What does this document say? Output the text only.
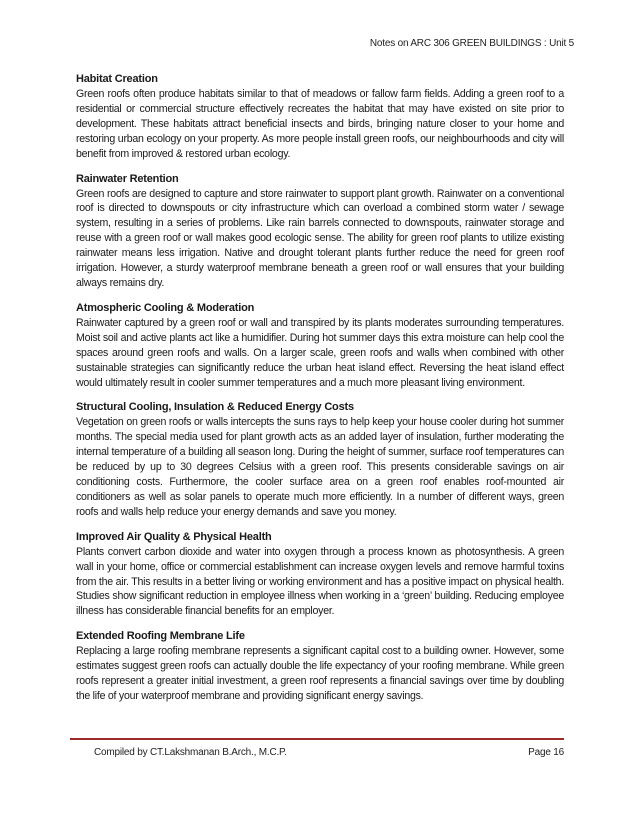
Notes on ARC 306 GREEN BUILDINGS : Unit 5
Habitat Creation

Green roofs often produce habitats similar to that of meadows or fallow farm fields. Adding a green roof to a residential or commercial structure effectively recreates the habitat that may have existed on site prior to development. These habitats attract beneficial insects and birds, bringing nature closer to your home and restoring urban ecology on your property. As more people install green roofs, our neighbourhoods and city will benefit from improved & restored urban ecology.

Rainwater Retention

Green roofs are designed to capture and store rainwater to support plant growth. Rainwater on a conventional roof is directed to downspouts or city infrastructure which can overload a combined storm water / sewage system, resulting in a series of problems. Like rain barrels connected to downspouts, rainwater storage and reuse with a green roof or wall makes good ecologic sense. The ability for green roof plants to utilize existing rainwater means less irrigation. Native and drought tolerant plants further reduce the need for green roof irrigation. However, a sturdy waterproof membrane beneath a green roof or wall ensures that your building always remains dry.

Atmospheric Cooling & Moderation

Rainwater captured by a green roof or wall and transpired by its plants moderates surrounding temperatures. Moist soil and active plants act like a humidifier. During hot summer days this extra moisture can help cool the spaces around green roofs and walls. On a larger scale, green roofs and walls when combined with other sustainable strategies can significantly reduce the urban heat island effect. Reversing the heat island effect would ultimately result in cooler summer temperatures and a much more pleasant living environment.

Structural Cooling, Insulation & Reduced Energy Costs

Vegetation on green roofs or walls intercepts the suns rays to help keep your house cooler during hot summer months. The special media used for plant growth acts as an added layer of insulation, further moderating the internal temperature of a building all season long. During the height of summer, surface roof temperatures can be reduced by up to 30 degrees Celsius with a green roof. This presents considerable savings on air conditioning costs. Furthermore, the cooler surface area on a green roof enables roof-mounted air conditioners as well as solar panels to operate much more efficiently. In a number of different ways, green roofs and walls help reduce your energy demands and save you money.

Improved Air Quality & Physical Health

Plants convert carbon dioxide and water into oxygen through a process known as photosynthesis. A green wall in your home, office or commercial establishment can increase oxygen levels and remove harmful toxins from the air. This results in a better living or working environment and has a positive impact on physical health. Studies show significant reduction in employee illness when working in a ‘green’ building. Reducing employee illness has considerable financial benefits for an employer.

Extended Roofing Membrane Life

Replacing a large roofing membrane represents a significant capital cost to a building owner. However, some estimates suggest green roofs can actually double the life expectancy of your roofing membrane. While green roofs represent a greater initial investment, a green roof represents a financial savings over time by doubling the life of your waterproof membrane and providing significant energy savings.

Compiled by CT.Lakshmanan B.Arch., M.C.P.	Page 16
